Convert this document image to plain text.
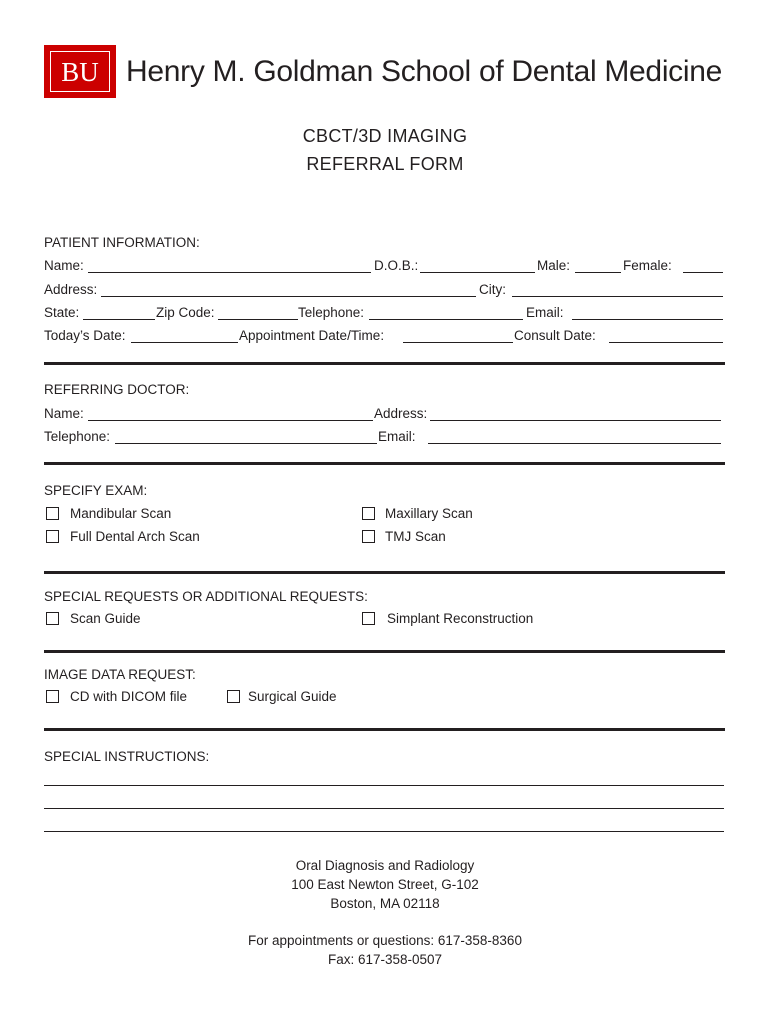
BU Henry M. Goldman School of Dental Medicine
CBCT/3D IMAGING
REFERRAL FORM
PATIENT INFORMATION:
Name:	D.O.B.:	Male:	Female:
Address:	City:
State:	Zip Code:	Telephone:	Email:
Today’s Date:	Appointment Date/Time:	Consult Date:
REFERRING DOCTOR:
Name:	Address:
Telephone:	Email:
SPECIFY EXAM:
Mandibular Scan	Maxillary Scan
Full Dental Arch Scan	TMJ Scan
SPECIAL REQUESTS OR ADDITIONAL REQUESTS:
Scan Guide	Simplant Reconstruction
IMAGE DATA REQUEST:
CD with DICOM file	Surgical Guide
SPECIAL INSTRUCTIONS:
Oral Diagnosis and Radiology
100 East Newton Street, G-102
Boston, MA 02118
For appointments or questions: 617-358-8360
Fax: 617-358-0507
